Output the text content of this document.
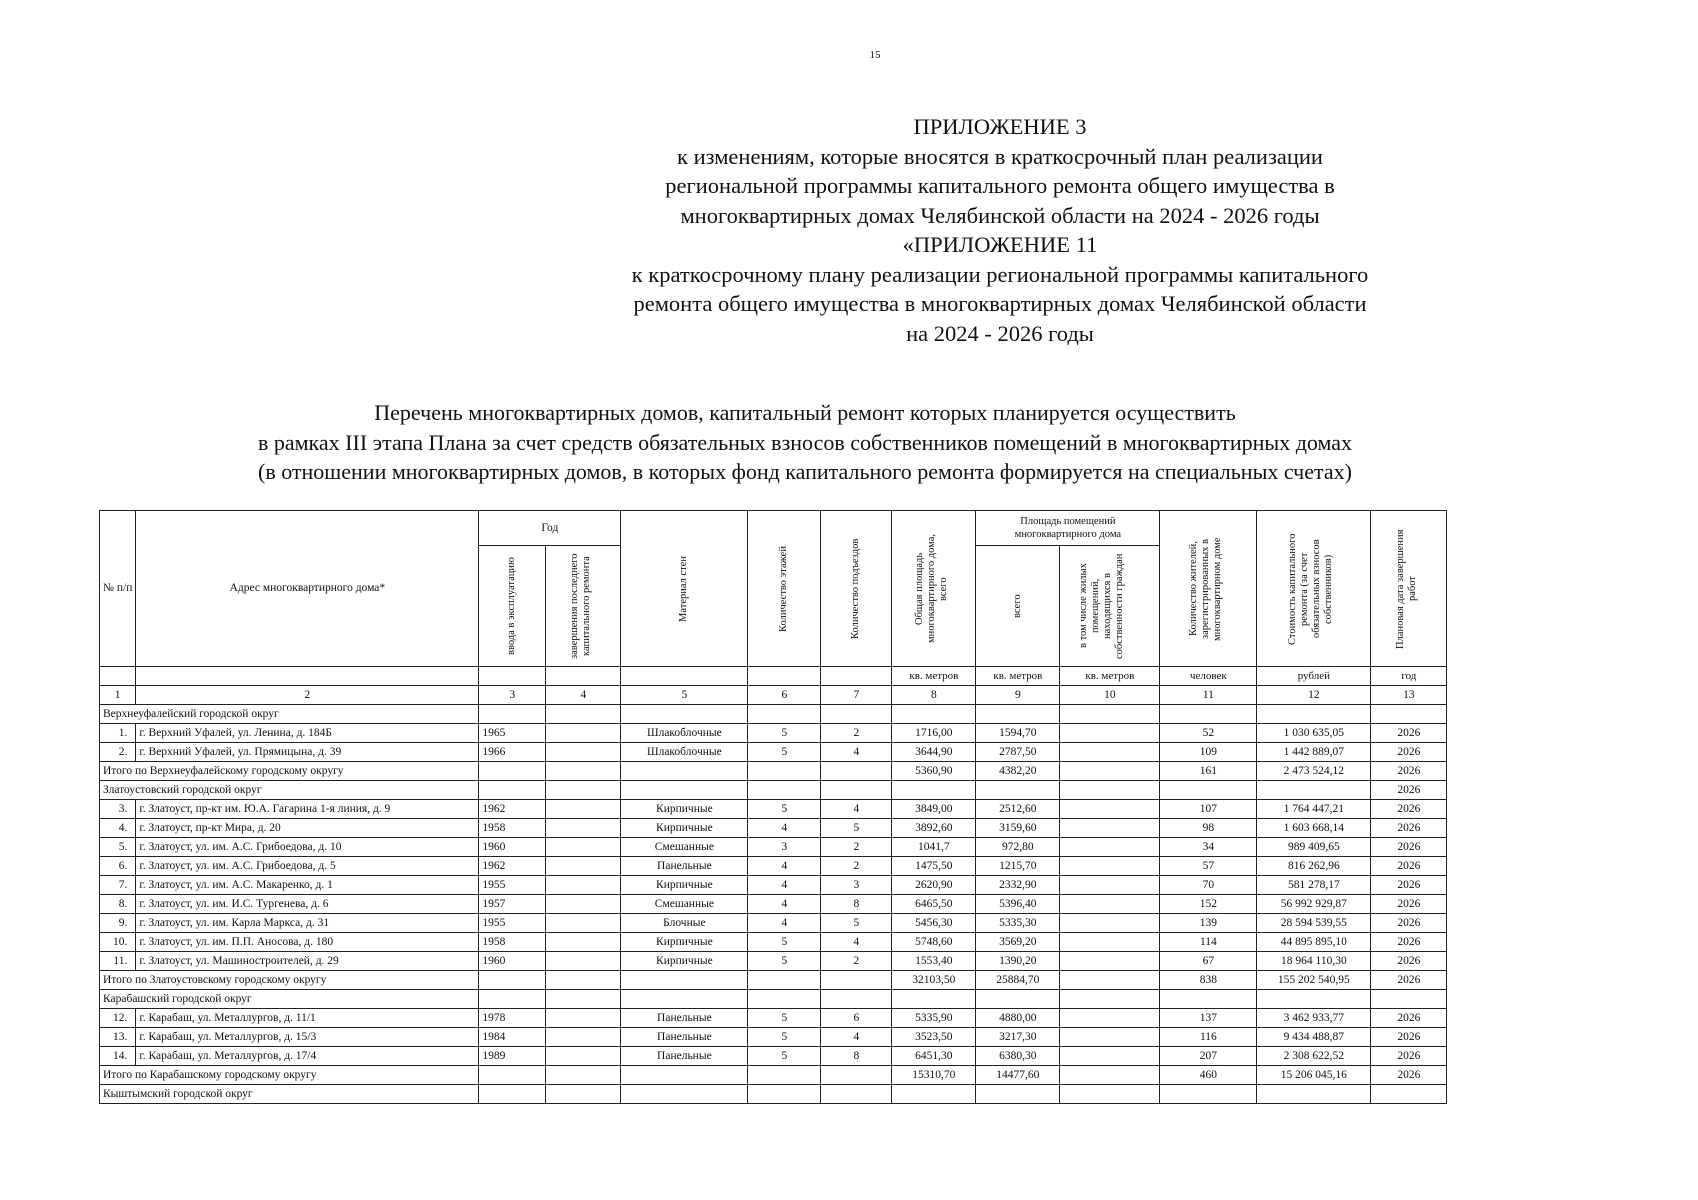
15
ПРИЛОЖЕНИЕ 3
к изменениям, которые вносятся в краткосрочный план реализации
региональной программы капитального ремонта общего имущества в
многоквартирных домах Челябинской области на 2024 - 2026 годы
«ПРИЛОЖЕНИЕ 11
к краткосрочному плану реализации региональной программы капитального
ремонта общего имущества в многоквартирных домах Челябинской области
на 2024 - 2026 годы
Перечень многоквартирных домов, капитальный ремонт которых планируется осуществить
в рамках III этапа Плана за счет средств обязательных взносов собственников помещений в многоквартирных домах
(в отношении многоквартирных домов, в которых фонд капитального ремонта формируется на специальных счетах)
№ п/п	Адрес многоквартирного дома*	Год		Материал стен	Количество этажей	Количество подъездов	Общая площадь многоквартирного дома, всего	Площадь помещений многоквартирного дома		Количество жителей, зарегистрированных в многоквартирном доме	Стоимость капитального ремонта (за счет обязательных взносов собственников)	Плановая дата завершения работ

		ввода в эксплуатацию	завершения последнего капитального ремонта					всего	в том числе жилых помещений, находящихся в собственности граждан			

							кв. метров	кв. метров	кв. метров	человек	рублей	год
1	2	3	4	5	6	7	8	9	10	11	12	13
Верхнеуфалейский городской округ												
1.	г. Верхний Уфалей, ул. Ленина, д. 184Б	1965		Шлакоблочные	5	2	1716,00	1594,70		52	1 030 635,05	2026
2.	г. Верхний Уфалей, ул. Прямицына, д. 39	1966		Шлакоблочные	5	4	3644,90	2787,50		109	1 442 889,07	2026
Итого по Верхнеуфалейскому городскому округу							5360,90	4382,20		161	2 473 524,12	2026
Златоустовский городской округ												2026
3.	г. Златоуст, пр-кт им. Ю.А. Гагарина 1-я линия, д. 9	1962		Кирпичные	5	4	3849,00	2512,60		107	1 764 447,21	2026
4.	г. Златоуст, пр-кт Мира, д. 20	1958		Кирпичные	4	5	3892,60	3159,60		98	1 603 668,14	2026
5.	г. Златоуст, ул. им. А.С. Грибоедова, д. 10	1960		Смешанные	3	2	1041,7	972,80		34	989 409,65	2026
6.	г. Златоуст, ул. им. А.С. Грибоедова, д. 5	1962		Панельные	4	2	1475,50	1215,70		57	816 262,96	2026
7.	г. Златоуст, ул. им. А.С. Макаренко, д. 1	1955		Кирпичные	4	3	2620,90	2332,90		70	581 278,17	2026
8.	г. Златоуст, ул. им. И.С. Тургенева, д. 6	1957		Смешанные	4	8	6465,50	5396,40		152	56 992 929,87	2026
9.	г. Златоуст, ул. им. Карла Маркса, д. 31	1955		Блочные	4	5	5456,30	5335,30		139	28 594 539,55	2026
10.	г. Златоуст, ул. им. П.П. Аносова, д. 180	1958		Кирпичные	5	4	5748,60	3569,20		114	44 895 895,10	2026
11.	г. Златоуст, ул. Машиностроителей, д. 29	1960		Кирпичные	5	2	1553,40	1390,20		67	18 964 110,30	2026
Итого по Златоустовскому городскому округу							32103,50	25884,70		838	155 202 540,95	2026
Карабашский городской округ												
12.	г. Карабаш, ул. Металлургов, д. 11/1	1978		Панельные	5	6	5335,90	4880,00		137	3 462 933,77	2026
13.	г. Карабаш, ул. Металлургов, д. 15/3	1984		Панельные	5	4	3523,50	3217,30		116	9 434 488,87	2026
14.	г. Карабаш, ул. Металлургов, д. 17/4	1989		Панельные	5	8	6451,30	6380,30		207	2 308 622,52	2026
Итого по Карабашскому городскому округу							15310,70	14477,60		460	15 206 045,16	2026
Кыштымский городской округ												
